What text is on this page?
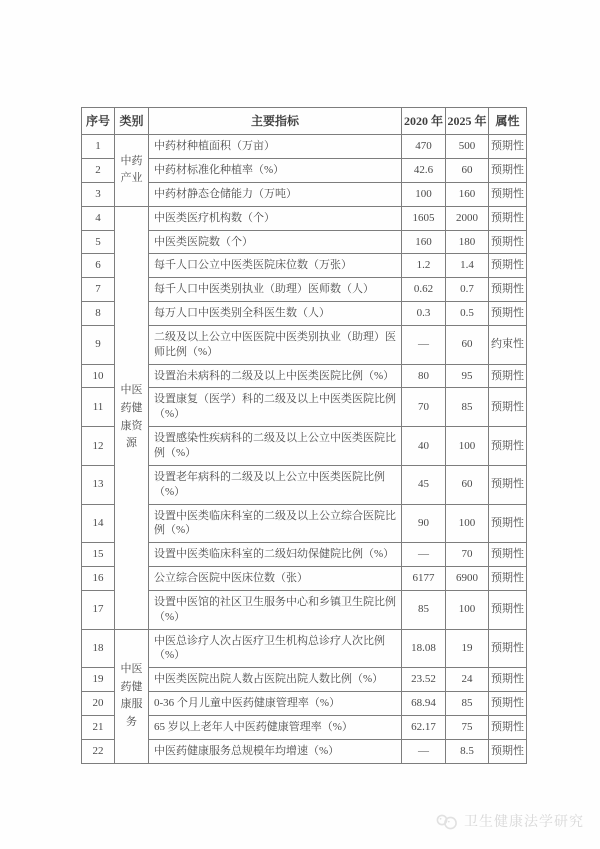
序号	类别	主要指标	2020 年	2025 年	属性
1	中药产业	中药材种植面积（万亩）	470	500	预期性
2		中药材标准化种植率（%）	42.6	60	预期性
3		中药材静态仓储能力（万吨）	100	160	预期性
4	中医药健康资源	中医类医疗机构数（个）	1605	2000	预期性
5		中医类医院数（个）	160	180	预期性
6		每千人口公立中医类医院床位数（万张）	1.2	1.4	预期性
7		每千人口中医类别执业（助理）医师数（人）	0.62	0.7	预期性
8		每万人口中医类别全科医生数（人）	0.3	0.5	预期性
9		二级及以上公立中医医院中医类别执业（助理）医师比例（%）	—	60	约束性
10		设置治未病科的二级及以上中医类医院比例（%）	80	95	预期性
11		设置康复（医学）科的二级及以上中医类医院比例（%）	70	85	预期性
12		设置感染性疾病科的二级及以上公立中医类医院比例（%）	40	100	预期性
13		设置老年病科的二级及以上公立中医类医院比例（%）	45	60	预期性
14		设置中医类临床科室的二级及以上公立综合医院比例（%）	90	100	预期性
15		设置中医类临床科室的二级妇幼保健院比例（%）	—	70	预期性
16		公立综合医院中医床位数（张）	6177	6900	预期性
17		设置中医馆的社区卫生服务中心和乡镇卫生院比例（%）	85	100	预期性
18	中医药健康服务	中医总诊疗人次占医疗卫生机构总诊疗人次比例（%）	18.08	19	预期性
19		中医类医院出院人数占医院出院人数比例（%）	23.52	24	预期性
20		0-36 个月儿童中医药健康管理率（%）	68.94	85	预期性
21		65 岁以上老年人中医药健康管理率（%）	62.17	75	预期性
22		中医药健康服务总规模年均增速（%）	—	8.5	预期性
卫生健康法学研究
